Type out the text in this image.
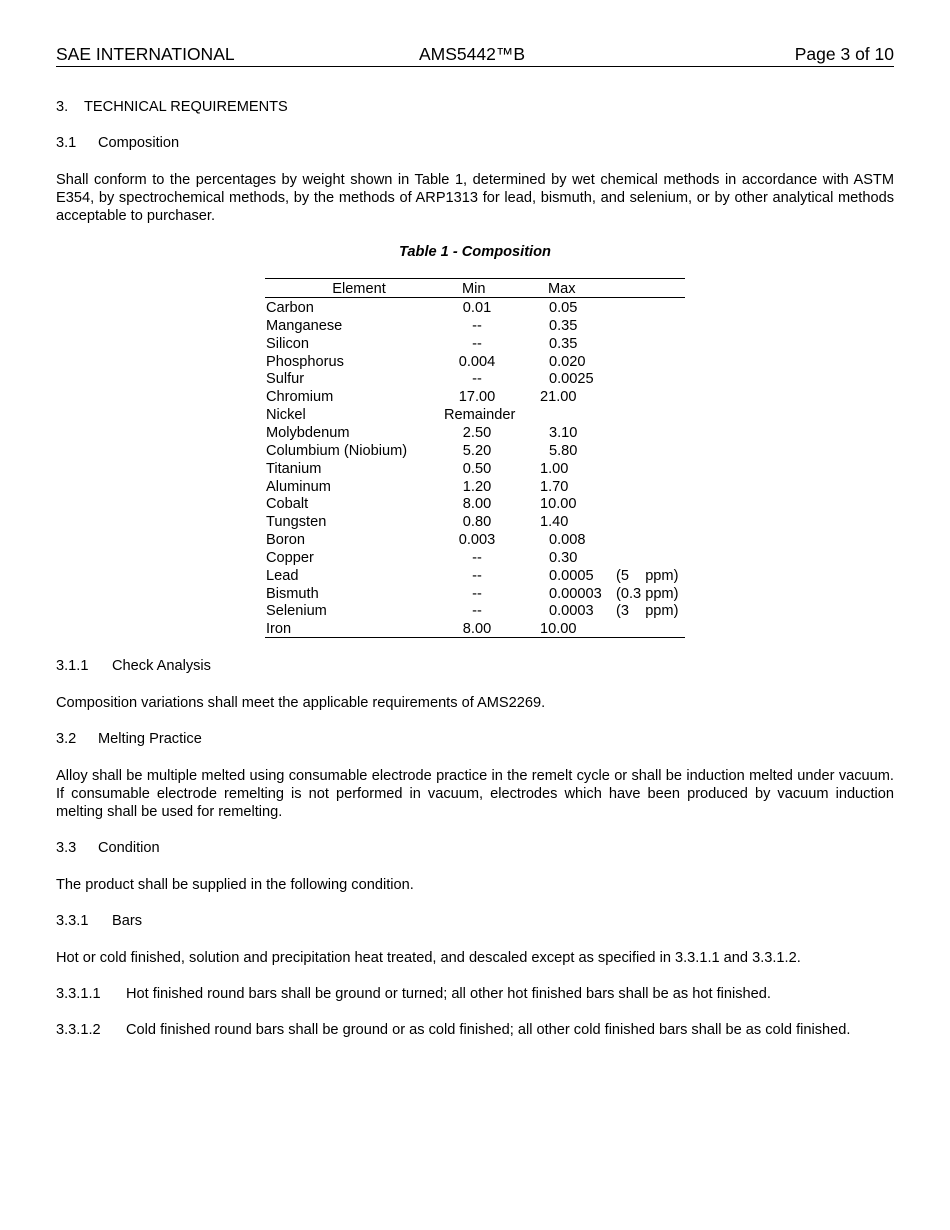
SAE INTERNATIONAL	AMS5442™B	Page 3 of 10
3. TECHNICAL REQUIREMENTS
3.1 Composition

Shall conform to the percentages by weight shown in Table 1, determined by wet chemical methods in accordance with ASTM E354, by spectrochemical methods, by the methods of ARP1313 for lead, bismuth, and selenium, or by other analytical methods acceptable to purchaser.

Table 1 - Composition
Element	Min	Max
Carbon	0.01	0.05
Manganese	--	0.35
Silicon	--	0.35
Phosphorus	0.004	0.020
Sulfur	--	0.0025
Chromium	17.00	21.00
Nickel	Remainder
Molybdenum	2.50	3.10
Columbium (Niobium)	5.20	5.80
Titanium	0.50	1.00
Aluminum	1.20	1.70
Cobalt	8.00	10.00
Tungsten	0.80	1.40
Boron	0.003	0.008
Copper	--	0.30
Lead	--	0.0005 (5    ppm)
Bismuth	--	0.00003 (0.3 ppm)
Selenium	--	0.0003 (3    ppm)
Iron	8.00	10.00
3.1.1 Check Analysis

Composition variations shall meet the applicable requirements of AMS2269.

3.2 Melting Practice

Alloy shall be multiple melted using consumable electrode practice in the remelt cycle or shall be induction melted under vacuum. If consumable electrode remelting is not performed in vacuum, electrodes which have been produced by vacuum induction melting shall be used for remelting.

3.3 Condition

The product shall be supplied in the following condition.

3.3.1 Bars

Hot or cold finished, solution and precipitation heat treated, and descaled except as specified in 3.3.1.1 and 3.3.1.2.

3.3.1.1 Hot finished round bars shall be ground or turned; all other hot finished bars shall be as hot finished.
3.3.1.2 Cold finished round bars shall be ground or as cold finished; all other cold finished bars shall be as cold finished.
